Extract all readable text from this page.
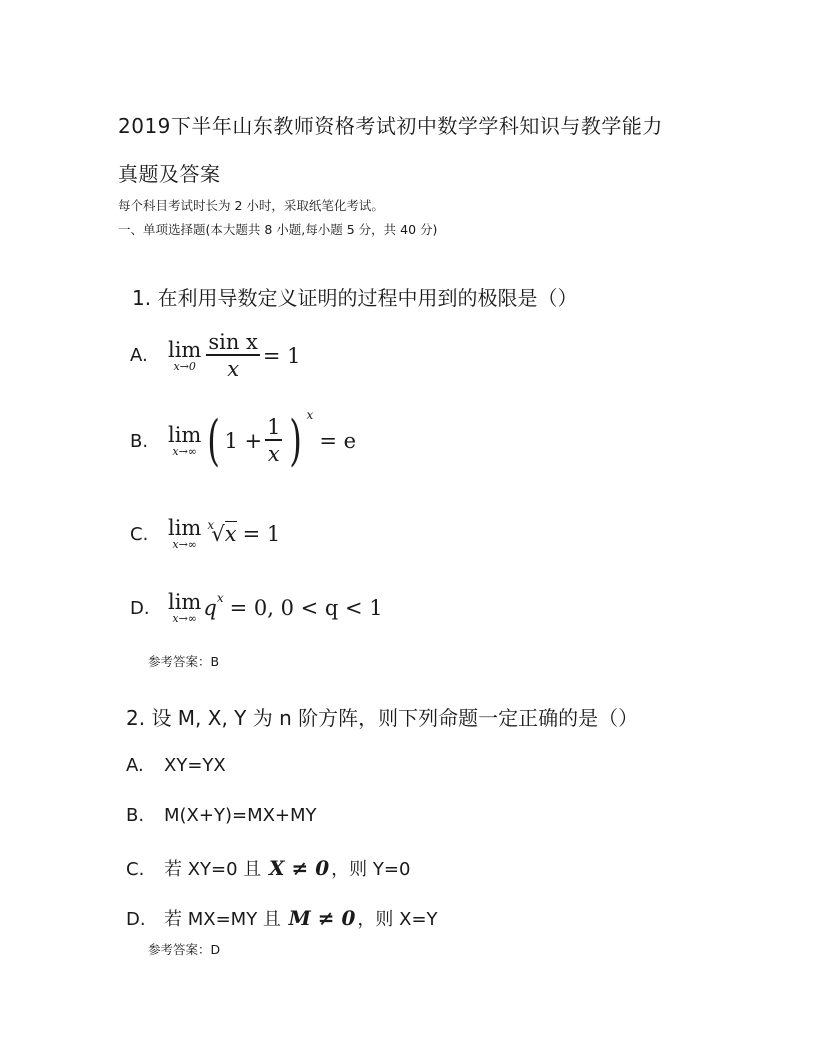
2019下半年山东教师资格考试初中数学学科知识与教学能力
真题及答案
每个科目考试时长为 2 小时，采取纸笔化考试。
一、单项选择题(本大题共 8 小题,每小题 5 分，共 40 分)
1. 在利用导数定义证明的过程中用到的极限是（）
A. lim
$x\to 0 \frac{\text{sin x}}{x} = 1$
B. lim
x→∞ ( $1 + \frac{1}{x}$ ) x
= e
C. lim
x→∞
x
√x = 1
D. lim
x→∞ q x = 0, 0 < q < 1
参考答案：B
2. 设 M, X, Y 为 n 阶方阵，则下列命题一定正确的是（）
A. XY=YX
B. M(X+Y)=MX+MY
C. 若 XY=0 且 X ≠ 0 ，则 Y=0
D. 若 MX=MY 且 M ≠ 0 ，则 X=Y
参考答案：D
